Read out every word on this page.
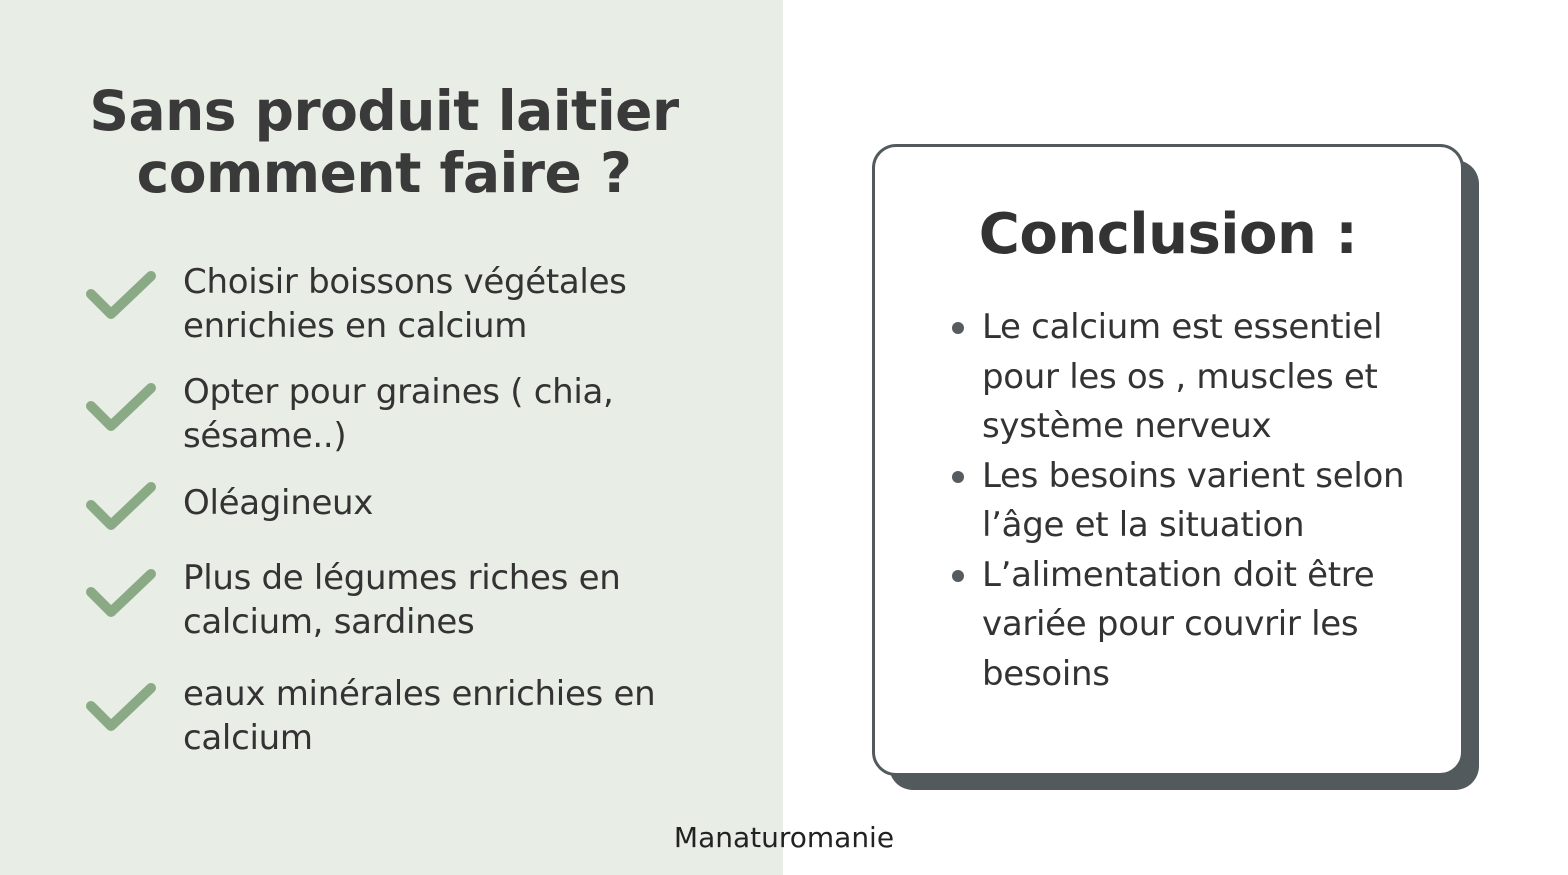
Sans produit laitier
comment faire ?
Choisir boissons végétales
enrichies en calcium
Opter pour graines ( chia,
sésame..)
Oléagineux
Plus de légumes riches en
calcium, sardines
eaux minérales enrichies en
calcium
Conclusion :
Le calcium est essentiel
pour les os , muscles et
système nerveux
Les besoins varient selon
l’âge et la situation
L’alimentation doit être
variée pour couvrir les
besoins
Manaturomanie
